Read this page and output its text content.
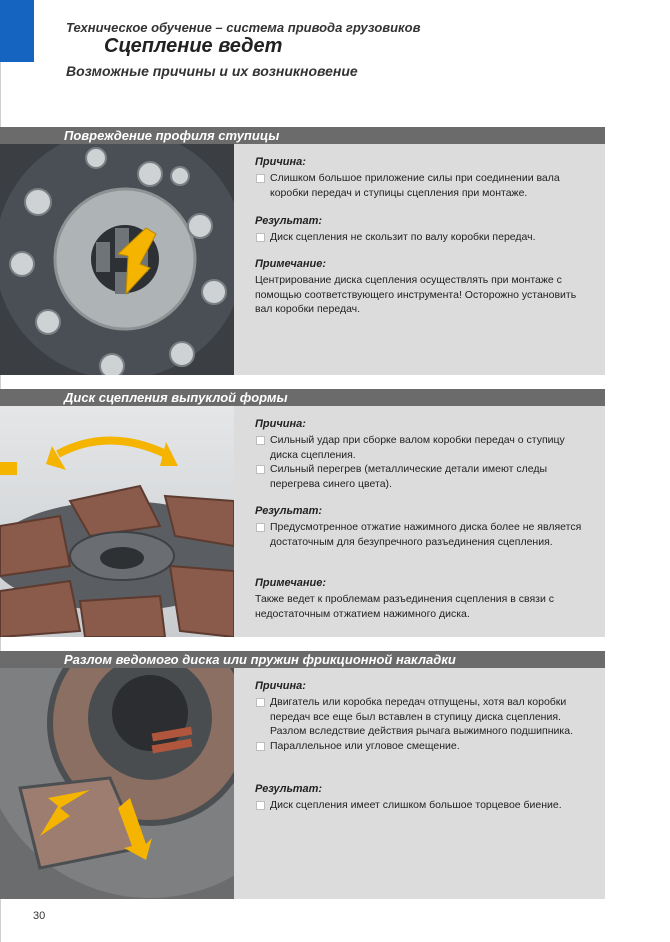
Техническое обучение – система привода грузовиков
Сцепление ведет
Возможные причины и их возникновение
Повреждение профиля ступицы
Причина:
Слишком большое приложение силы при соединении вала коробки передач и ступицы сцепления при монтаже.
Результат:
Диск сцепления не скользит по валу коробки передач.
Примечание:
Центрирование диска сцепления осуществлять при монтаже с помощью соответствующего инструмента! Осторожно установить вал коробки передач.
Диск сцепления выпуклой формы
Причина:
Сильный удар при сборке валом коробки передач о ступицу диска сцепления.
Сильный перегрев (металлические детали имеют следы перегрева синего цвета).
Результат:
Предусмотренное отжатие нажимного диска более не является достаточным для безупречного разъединения сцепления.
Примечание:
Также ведет к проблемам разъединения сцепления в связи с недостаточным отжатием нажимного диска.
Разлом ведомого диска или пружин фрикционной накладки
Причина:
Двигатель или коробка передач отпущены, хотя вал коробки передач все еще был вставлен в ступицу диска сцепления. Разлом вследствие действия рычага выжимного подшипника.
Параллельное или угловое смещение.
Результат:
Диск сцепления имеет слишком большое торцевое биение.
30
